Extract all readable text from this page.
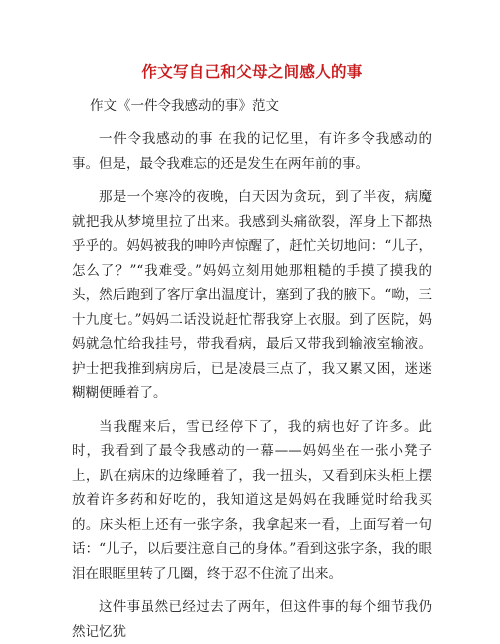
作文写自己和父母之间感人的事
作文《一件令我感动的事》范文

一件令我感动的事 在我的记忆里，有许多令我感动的事。但是，最令我难忘的还是发生在两年前的事。

那是一个寒冷的夜晚，白天因为贪玩，到了半夜，病魔就把我从梦境里拉了出来。我感到头痛欲裂，浑身上下都热乎乎的。妈妈被我的呻吟声惊醒了，赶忙关切地问：“儿子，怎么了？”“我难受。”妈妈立刻用她那粗糙的手摸了摸我的头，然后跑到了客厅拿出温度计，塞到了我的腋下。“呦，三十九度七。”妈妈二话没说赶忙帮我穿上衣服。到了医院，妈妈就急忙给我挂号，带我看病，最后又带我到输液室输液。护士把我推到病房后，已是凌晨三点了，我又累又困，迷迷糊糊便睡着了。

当我醒来后，雪已经停下了，我的病也好了许多。此时，我看到了最令我感动的一幕——妈妈坐在一张小凳子上，趴在病床的边缘睡着了，我一扭头，又看到床头柜上摆放着许多药和好吃的，我知道这是妈妈在我睡觉时给我买的。床头柜上还有一张字条，我拿起来一看，上面写着一句话：“儿子，以后要注意自己的身体。”看到这张字条，我的眼泪在眼眶里转了几圈，终于忍不住流了出来。

这件事虽然已经过去了两年，但这件事的每个细节我仍然记忆犹
